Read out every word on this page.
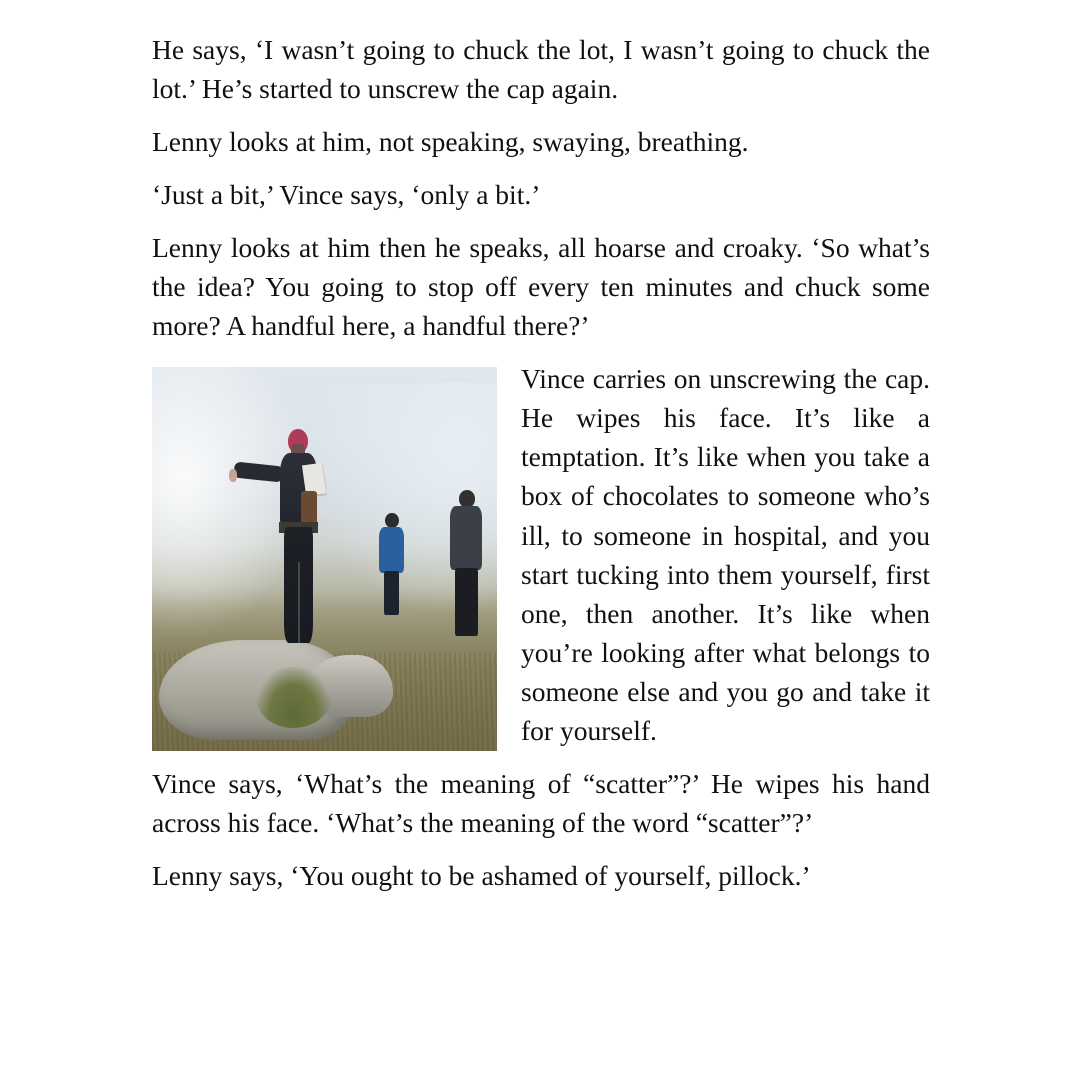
He says, ‘I wasn’t going to chuck the lot, I wasn’t going to chuck the lot.’ He’s started to unscrew the cap again.

Lenny looks at him, not speaking, swaying, breathing.

‘Just a bit,’ Vince says, ‘only a bit.’

Lenny looks at him then he speaks, all hoarse and croaky. ‘So what’s the idea? You going to stop off every ten minutes and chuck some more? A handful here, a handful there?’

Vince carries on unscrewing the cap. He wipes his face. It’s like a temptation. It’s like when you take a box of chocolates to someone who’s ill, to someone in hospital, and you start tucking into them yourself, first one, then another. It’s like when you’re looking after what belongs to someone else and you go and take it for yourself.

Vince says, ‘What’s the meaning of “scatter”?’ He wipes his hand across his face. ‘What’s the meaning of the word “scatter”?’

Lenny says, ‘You ought to be ashamed of yourself, pillock.’
